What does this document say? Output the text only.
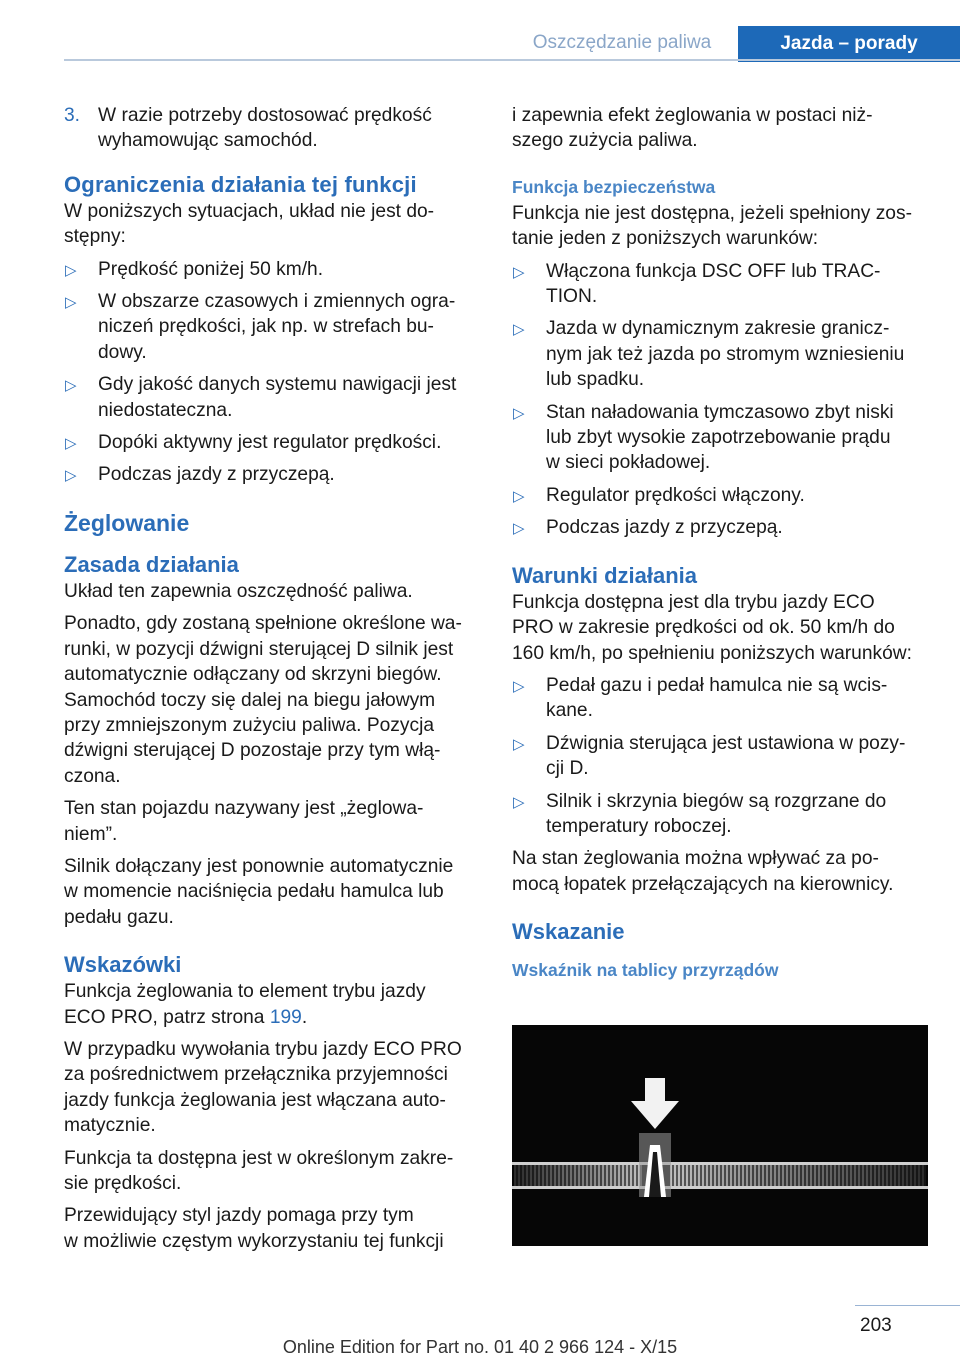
Oszczędzanie paliwa	Jazda – porady
3. W razie potrzeby dostosować prędkość
wyhamowując samochód.
Ograniczenia działania tej funkcji

W poniższych sytuacjach, układ nie jest do‐
stępny:

▷ Prędkość poniżej 50 km/h.
▷ W obszarze czasowych i zmiennych ogra‐
niczeń prędkości, jak np. w strefach bu‐
dowy.
▷ Gdy jakość danych systemu nawigacji jest
niedostateczna.
▷ Dopóki aktywny jest regulator prędkości.
▷ Podczas jazdy z przyczepą.
Żeglowanie
Zasada działania

Układ ten zapewnia oszczędność paliwa.

Ponadto, gdy zostaną spełnione określone wa‐
runki, w pozycji dźwigni sterującej D silnik jest
automatycznie odłączany od skrzyni biegów.
Samochód toczy się dalej na biegu jałowym
przy zmniejszonym zużyciu paliwa. Pozycja
dźwigni sterującej D pozostaje przy tym włą‐
czona.

Ten stan pojazdu nazywany jest „żeglowa‐
niem”.

Silnik dołączany jest ponownie automatycznie
w momencie naciśnięcia pedału hamulca lub
pedału gazu.

Wskazówki

Funkcja żeglowania to element trybu jazdy
ECO PRO, patrz strona 199.

W przypadku wywołania trybu jazdy ECO PRO
za pośrednictwem przełącznika przyjemności
jazdy funkcja żeglowania jest włączana auto‐
matycznie.

Funkcja ta dostępna jest w określonym zakre‐
sie prędkości.

Przewidujący styl jazdy pomaga przy tym
w możliwie częstym wykorzystaniu tej funkcji

i zapewnia efekt żeglowania w postaci niż‐
szego zużycia paliwa.

Funkcja bezpieczeństwa

Funkcja nie jest dostępna, jeżeli spełniony zos‐
tanie jeden z poniższych warunków:

▷ Włączona funkcja DSC OFF lub TRAC‐
TION.
▷ Jazda w dynamicznym zakresie granicz‐
nym jak też jazda po stromym wzniesieniu
lub spadku.
▷ Stan naładowania tymczasowo zbyt niski
lub zbyt wysokie zapotrzebowanie prądu
w sieci pokładowej.
▷ Regulator prędkości włączony.
▷ Podczas jazdy z przyczepą.
Warunki działania

Funkcja dostępna jest dla trybu jazdy ECO
PRO w zakresie prędkości od ok. 50 km/h do
160 km/h, po spełnieniu poniższych warunków:

▷ Pedał gazu i pedał hamulca nie są wcis‐
kane.
▷ Dźwignia sterująca jest ustawiona w pozy‐
cji D.
▷ Silnik i skrzynia biegów są rozgrzane do
temperatury roboczej.

Na stan żeglowania można wpływać za po‐
mocą łopatek przełączających na kierownicy.

Wskazanie
Wskaźnik na tablicy przyrządów
203
Online Edition for Part no. 01 40 2 966 124 - X/15
